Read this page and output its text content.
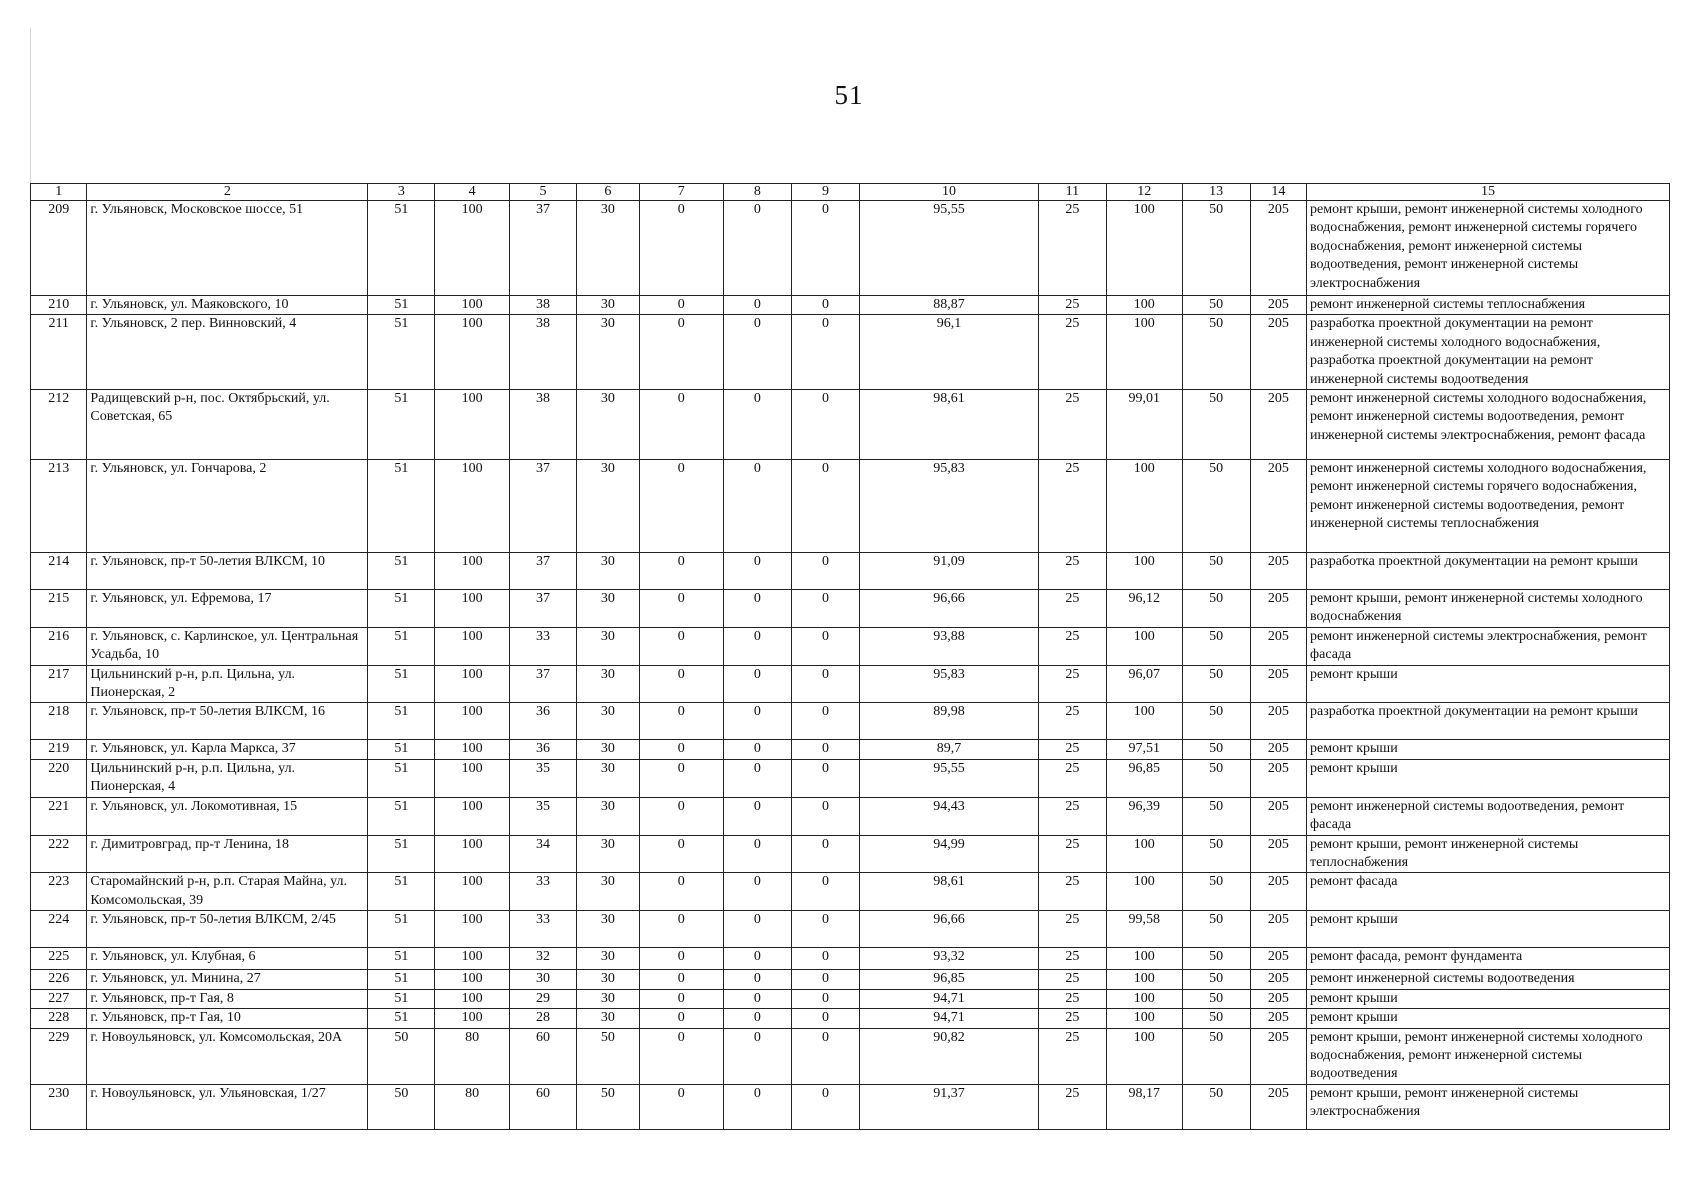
51
1	2	3	4	5	6	7	8	9	10	11	12	13	14	15
209	г. Ульяновск, Московское шоссе, 51	51	100	37	30	0	0	0	95,55	25	100	50	205	ремонт крыши, ремонт инженерной системы холодного водоснабжения, ремонт инженерной системы горячего водоснабжения, ремонт инженерной системы водоотведения, ремонт инженерной системы электроснабжения
210	г. Ульяновск, ул. Маяковского, 10	51	100	38	30	0	0	0	88,87	25	100	50	205	ремонт инженерной системы теплоснабжения
211	г. Ульяновск, 2 пер. Винновский, 4	51	100	38	30	0	0	0	96,1	25	100	50	205	разработка проектной документации на ремонт инженерной системы холодного водоснабжения, разработка проектной документации на ремонт инженерной системы водоотведения
212	Радищевский р-н, пос. Октябрьский, ул. Советская, 65	51	100	38	30	0	0	0	98,61	25	99,01	50	205	ремонт инженерной системы холодного водоснабжения, ремонт инженерной системы водоотведения, ремонт инженерной системы электроснабжения, ремонт фасада
213	г. Ульяновск, ул. Гончарова, 2	51	100	37	30	0	0	0	95,83	25	100	50	205	ремонт инженерной системы холодного водоснабжения, ремонт инженерной системы горячего водоснабжения, ремонт инженерной системы водоотведения, ремонт инженерной системы теплоснабжения
214	г. Ульяновск, пр-т 50-летия ВЛКСМ, 10	51	100	37	30	0	0	0	91,09	25	100	50	205	разработка проектной документации на ремонт крыши
215	г. Ульяновск, ул. Ефремова, 17	51	100	37	30	0	0	0	96,66	25	96,12	50	205	ремонт крыши, ремонт инженерной системы холодного водоснабжения
216	г. Ульяновск, с. Карлинское, ул. Центральная Усадьба, 10	51	100	33	30	0	0	0	93,88	25	100	50	205	ремонт инженерной системы электроснабжения, ремонт фасада
217	Цильнинский р-н, р.п. Цильна, ул. Пионерская, 2	51	100	37	30	0	0	0	95,83	25	96,07	50	205	ремонт крыши
218	г. Ульяновск, пр-т 50-летия ВЛКСМ, 16	51	100	36	30	0	0	0	89,98	25	100	50	205	разработка проектной документации на ремонт крыши
219	г. Ульяновск, ул. Карла Маркса, 37	51	100	36	30	0	0	0	89,7	25	97,51	50	205	ремонт крыши
220	Цильнинский р-н, р.п. Цильна, ул. Пионерская, 4	51	100	35	30	0	0	0	95,55	25	96,85	50	205	ремонт крыши
221	г. Ульяновск, ул. Локомотивная, 15	51	100	35	30	0	0	0	94,43	25	96,39	50	205	ремонт инженерной системы водоотведения, ремонт фасада
222	г. Димитровград, пр-т Ленина, 18	51	100	34	30	0	0	0	94,99	25	100	50	205	ремонт крыши, ремонт инженерной системы теплоснабжения
223	Старомайнский р-н, р.п. Старая Майна, ул. Комсомольская, 39	51	100	33	30	0	0	0	98,61	25	100	50	205	ремонт фасада
224	г. Ульяновск, пр-т 50-летия ВЛКСМ, 2/45	51	100	33	30	0	0	0	96,66	25	99,58	50	205	ремонт крыши
225	г. Ульяновск, ул. Клубная, 6	51	100	32	30	0	0	0	93,32	25	100	50	205	ремонт фасада, ремонт фундамента
226	г. Ульяновск, ул. Минина, 27	51	100	30	30	0	0	0	96,85	25	100	50	205	ремонт инженерной системы водоотведения
227	г. Ульяновск, пр-т Гая, 8	51	100	29	30	0	0	0	94,71	25	100	50	205	ремонт крыши
228	г. Ульяновск, пр-т Гая, 10	51	100	28	30	0	0	0	94,71	25	100	50	205	ремонт крыши
229	г. Новоульяновск, ул. Комсомольская, 20А	50	80	60	50	0	0	0	90,82	25	100	50	205	ремонт крыши, ремонт инженерной системы холодного водоснабжения, ремонт инженерной системы водоотведения
230	г. Новоульяновск, ул. Ульяновская, 1/27	50	80	60	50	0	0	0	91,37	25	98,17	50	205	ремонт крыши, ремонт инженерной системы электроснабжения
